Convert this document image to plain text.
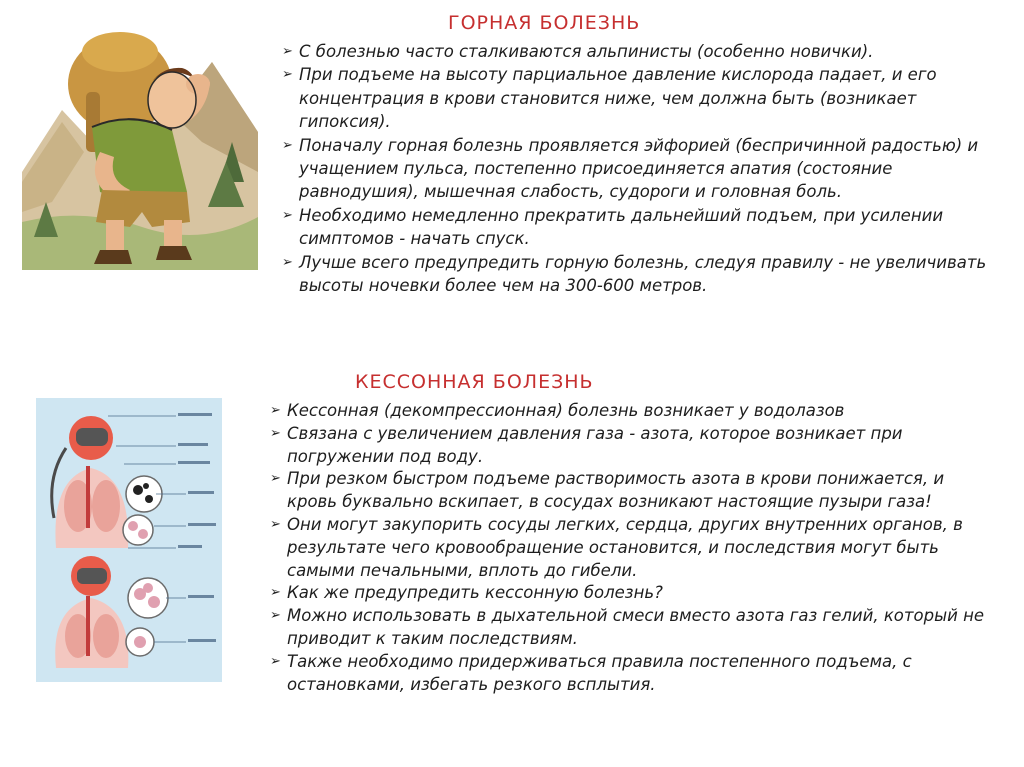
ГОРНАЯ БОЛЕЗНЬ
➢ С болезнью часто сталкиваются альпинисты (особенно новички).
➢ При подъеме на высоту парциальное давление кислорода падает, и его концентрация в крови становится ниже, чем должна быть (возникает гипоксия).
➢ Поначалу горная болезнь проявляется эйфорией (беспричинной радостью) и учащением пульса, постепенно присоединяется апатия (состояние равнодушия), мышечная слабость, судороги и головная боль.
➢ Необходимо немедленно прекратить дальнейший подъем, при усилении симптомов - начать спуск.
➢ Лучше всего предупредить горную болезнь, следуя правилу - не увеличивать высоты ночевки более чем на 300-600 метров.
КЕССОННАЯ БОЛЕЗНЬ
➢ Кессонная (декомпрессионная) болезнь возникает у водолазов
➢ Связана с увеличением давления газа - азота, которое возникает при погружении под воду.
➢ При резком быстром подъеме растворимость азота в крови понижается, и кровь буквально вскипает, в сосудах возникают настоящие пузыри газа!
➢ Они могут закупорить сосуды легких, сердца, других внутренних органов, в результате чего кровообращение остановится, и последствия могут быть самыми печальными, вплоть до гибели.
➢ Как же предупредить кессонную болезнь?
➢ Можно использовать в дыхательной смеси вместо азота газ гелий, который не приводит к таким последствиям.
➢ Также необходимо придерживаться правила постепенного подъема, с остановками, избегать резкого всплытия.
